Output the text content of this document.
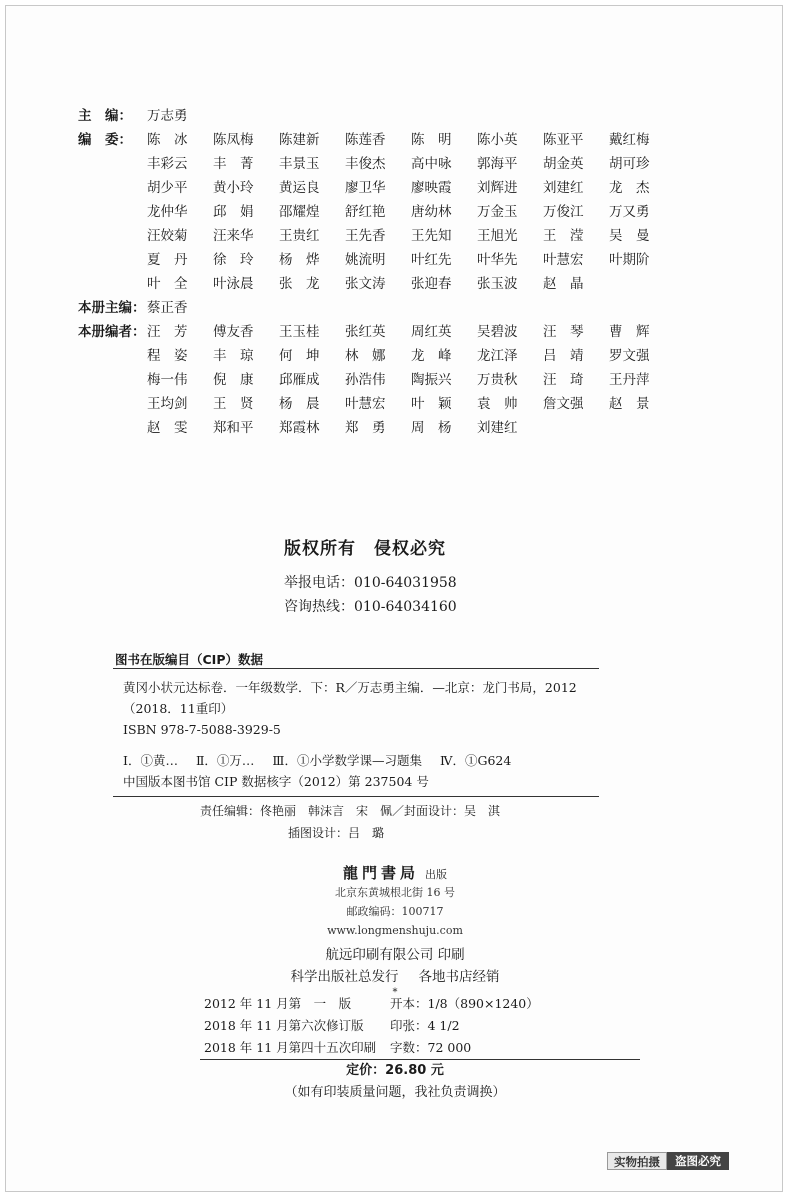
主　编： 万志勇
编　委： 陈　冰 陈凤梅 陈建新 陈莲香 陈　明 陈小英 陈亚平 戴红梅
丰彩云 丰　菁 丰景玉 丰俊杰 高中咏 郭海平 胡金英 胡可珍
胡少平 黄小玲 黄运良 廖卫华 廖映霞 刘辉进 刘建红 龙　杰
龙仲华 邱　娟 邵耀煌 舒红艳 唐幼林 万金玉 万俊江 万又勇
汪姣菊 汪来华 王贵红 王先香 王先知 王旭光 王　滢 吴　曼
夏　丹 徐　玲 杨　烨 姚流明 叶红先 叶华先 叶慧宏 叶期阶
叶　全 叶泳晨 张　龙 张文涛 张迎春 张玉波 赵　晶
本册主编： 蔡正香
本册编者： 汪　芳 傅友香 王玉桂 张红英 周红英 吴碧波 汪　琴 曹　辉
程　姿 丰　琼 何　坤 林　娜 龙　峰 龙江泽 吕　靖 罗文强
梅一伟 倪　康 邱雁成 孙浩伟 陶振兴 万贵秋 汪　琦 王丹萍
王均剑 王　贤 杨　晨 叶慧宏 叶　颖 袁　帅 詹文强 赵　景
赵　雯 郑和平 郑霞林 郑　勇 周　杨 刘建红
版权所有 侵权必究
举报电话：010-64031958
咨询热线：010-64034160
图书在版编目（CIP）数据
黄冈小状元达标卷．一年级数学．下：R／万志勇主编．—北京：龙门书局，2012
（2018．11重印）
ISBN 978-7-5088-3929-5
Ⅰ．①黄… Ⅱ．①万… Ⅲ．①小学数学课—习题集 Ⅳ．①G624
中国版本图书馆 CIP 数据核字（2012）第 237504 号
责任编辑：佟艳丽　韩沫言　宋　佩／封面设计：吴　淇
插图设计：吕　璐
龍門書局 出版
北京东黄城根北街 16 号
邮政编码：100717
www.longmenshuju.com
航远印刷有限公司 印刷
科学出版社总发行 各地书店经销
*
2012 年 11 月第　一　版	开本：1/8（890×1240）
2018 年 11 月第六次修订版 印张：4 1/2
2018 年 11 月第四十五次印刷 字数：72 000
定价：26.80 元
（如有印装质量问题，我社负责调换）
实物拍摄	盗图必究
